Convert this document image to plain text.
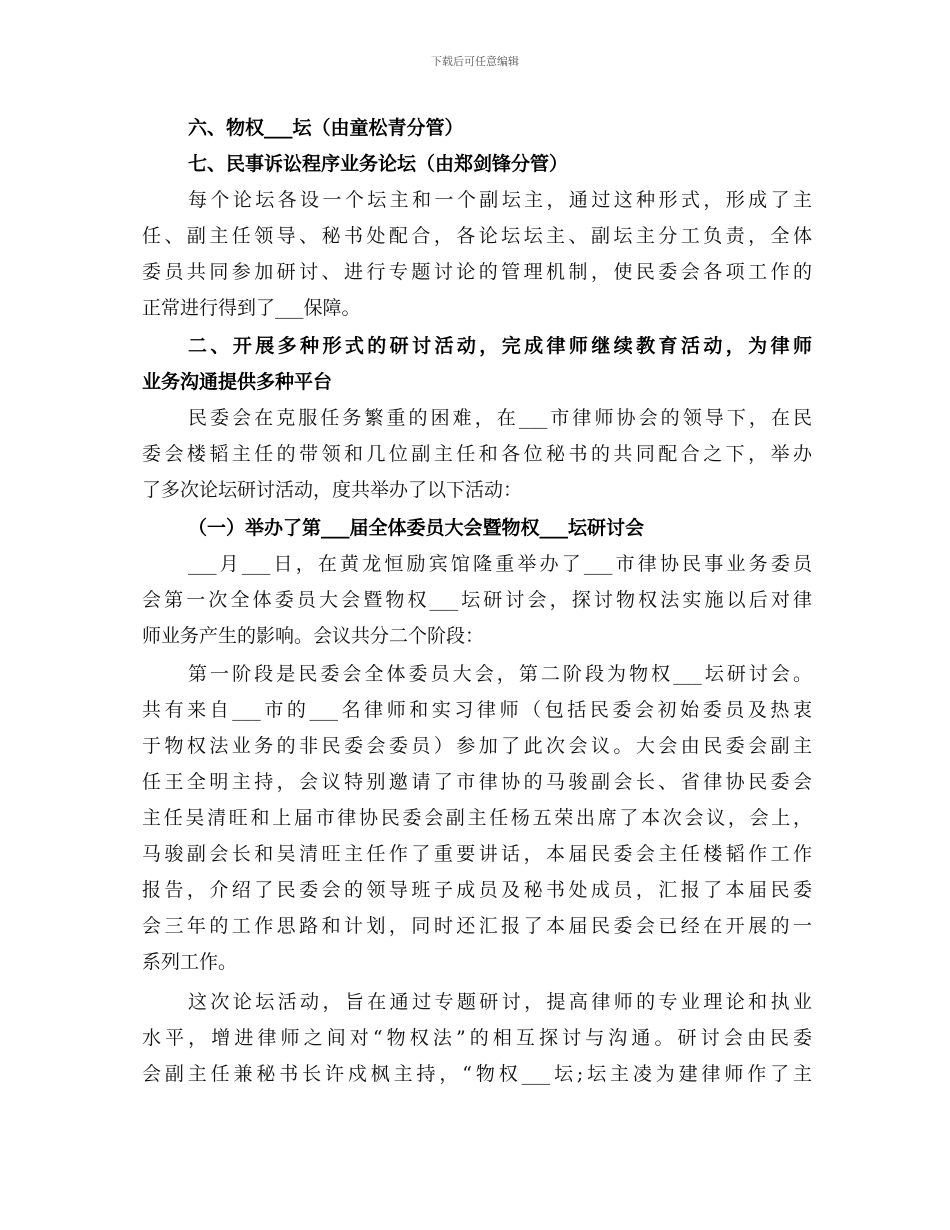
下载后可任意编辑
六、物权___坛（由童松青分管）
七、民事诉讼程序业务论坛（由郑剑锋分管）
每个论坛各设一个坛主和一个副坛主，通过这种形式，形成了主
任、副主任领导、秘书处配合，各论坛坛主、副坛主分工负责，全体
委员共同参加研讨、进行专题讨论的管理机制，使民委会各项工作的
正常进行得到了___保障。
二、开展多种形式的研讨活动，完成律师继续教育活动，为律师
业务沟通提供多种平台
民委会在克服任务繁重的困难，在___市律师协会的领导下，在民
委会楼韬主任的带领和几位副主任和各位秘书的共同配合之下，举办
了多次论坛研讨活动，度共举办了以下活动：
（一）举办了第___届全体委员大会暨物权___坛研讨会
___月___日，在黄龙恒励宾馆隆重举办了___市律协民事业务委员
会第一次全体委员大会暨物权___坛研讨会，探讨物权法实施以后对律
师业务产生的影响。会议共分二个阶段：
第一阶段是民委会全体委员大会，第二阶段为物权___坛研讨会。
共有来自___市的___名律师和实习律师（包括民委会初始委员及热衷
于物权法业务的非民委会委员）参加了此次会议。大会由民委会副主
任王全明主持，会议特别邀请了市律协的马骏副会长、省律协民委会
主任吴清旺和上届市律协民委会副主任杨五荣出席了本次会议，会上，
马骏副会长和吴清旺主任作了重要讲话，本届民委会主任楼韬作工作
报告，介绍了民委会的领导班子成员及秘书处成员，汇报了本届民委
会三年的工作思路和计划，同时还汇报了本届民委会已经在开展的一
系列工作。
这次论坛活动，旨在通过专题研讨，提高律师的专业理论和执业
水平，增进律师之间对“物权法”的相互探讨与沟通。研讨会由民委
会副主任兼秘书长许戍枫主持，“物权___坛;坛主凌为建律师作了主
